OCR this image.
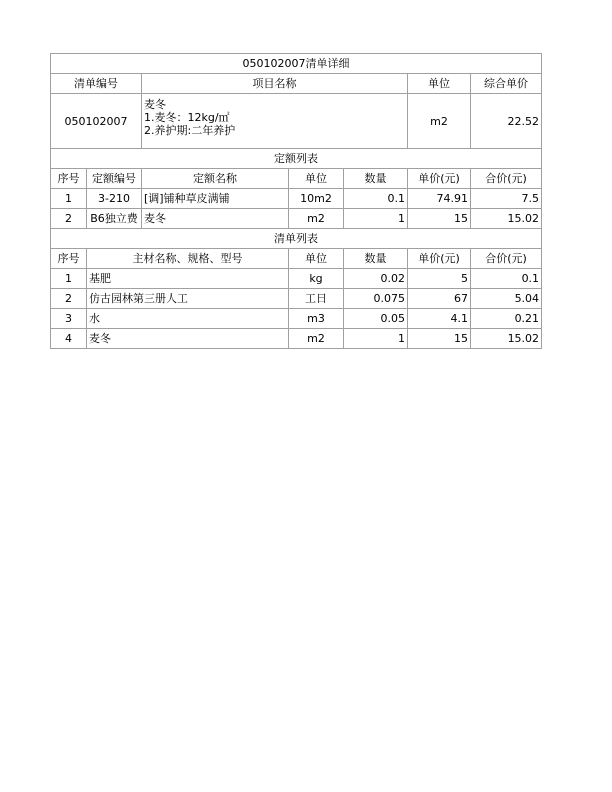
050102007清单详细			
清单编号	项目名称	单位	综合单价
050102007	麦冬
1.麦冬：12kg/㎡
2.养护期:二年养护	m2	22.52
定额列表						
序号	定额编号	定额名称	单位	数量	单价(元)	合价(元)
1	3-210	[调]铺种草皮满铺	10m2	0.1	74.91	7.5
2	B6独立费	麦冬	m2	1	15	15.02
清单列表					
序号	主材名称、规格、型号	单位	数量	单价(元)	合价(元)
1	基肥	kg	0.02	5	0.1
2	仿古园林第三册人工	工日	0.075	67	5.04
3	水	m3	0.05	4.1	0.21
4	麦冬	m2	1	15	15.02
